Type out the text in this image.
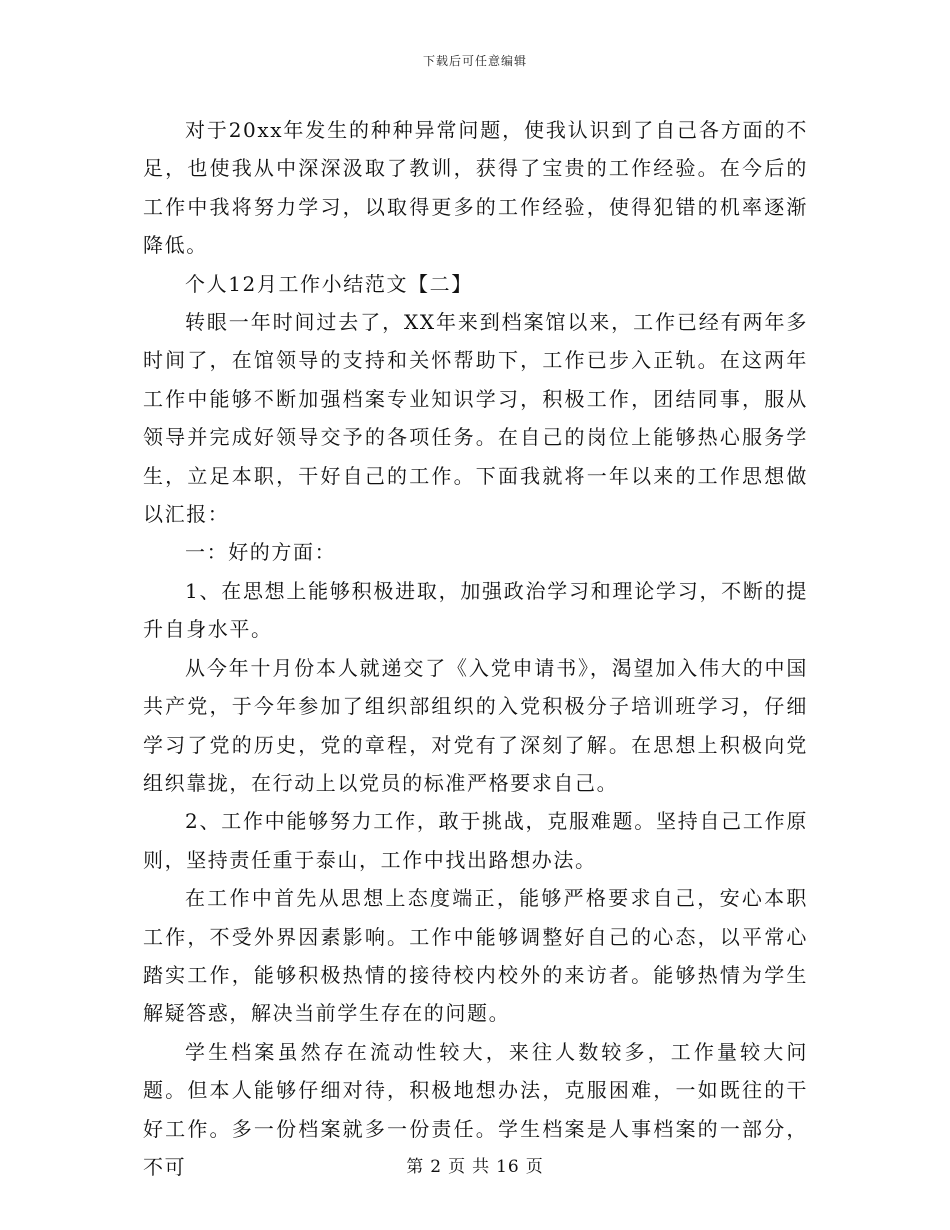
下载后可任意编辑

对于20xx年发生的种种异常问题，使我认识到了自己各方面的不足，也使我从中深深汲取了教训，获得了宝贵的工作经验。在今后的工作中我将努力学习，以取得更多的工作经验，使得犯错的机率逐渐降低。

个人12月工作小结范文【二】

转眼一年时间过去了，XX年来到档案馆以来，工作已经有两年多时间了，在馆领导的支持和关怀帮助下，工作已步入正轨。在这两年工作中能够不断加强档案专业知识学习，积极工作，团结同事，服从领导并完成好领导交予的各项任务。在自己的岗位上能够热心服务学生，立足本职，干好自己的工作。下面我就将一年以来的工作思想做以汇报：

一：好的方面：

1、在思想上能够积极进取，加强政治学习和理论学习，不断的提升自身水平。

从今年十月份本人就递交了《入党申请书》，渴望加入伟大的中国共产党，于今年参加了组织部组织的入党积极分子培训班学习，仔细学习了党的历史，党的章程，对党有了深刻了解。在思想上积极向党组织靠拢，在行动上以党员的标准严格要求自己。

2、工作中能够努力工作，敢于挑战，克服难题。坚持自己工作原则，坚持责任重于泰山，工作中找出路想办法。

在工作中首先从思想上态度端正，能够严格要求自己，安心本职工作，不受外界因素影响。工作中能够调整好自己的心态，以平常心踏实工作，能够积极热情的接待校内校外的来访者。能够热情为学生解疑答惑，解决当前学生存在的问题。

学生档案虽然存在流动性较大，来往人数较多，工作量较大问题。但本人能够仔细对待，积极地想办法，克服困难，一如既往的干好工作。多一份档案就多一份责任。学生档案是人事档案的一部分，不可	第 2 页 共 16 页
